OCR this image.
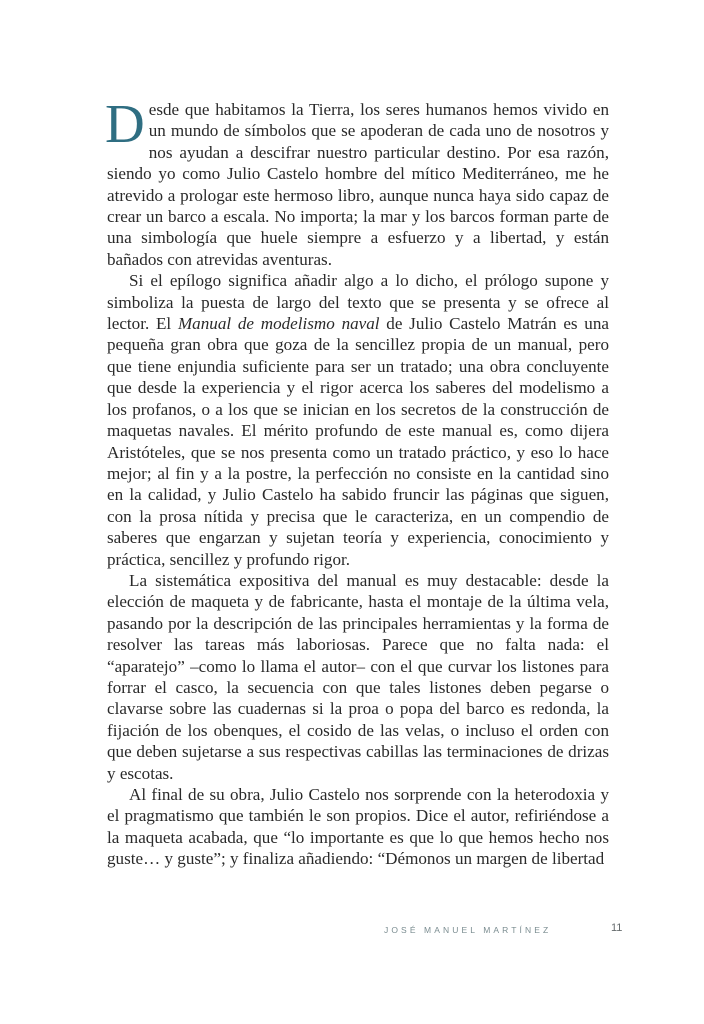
Desde que habitamos la Tierra, los seres humanos hemos vivido en un mundo de símbolos que se apoderan de cada uno de nosotros y nos ayudan a descifrar nuestro particular destino. Por esa razón, siendo yo como Julio Castelo hombre del mítico Mediterráneo, me he atrevido a prologar este hermoso libro, aunque nunca haya sido capaz de crear un barco a escala. No importa; la mar y los barcos forman parte de una simbología que huele siempre a esfuerzo y a libertad, y están bañados con atrevidas aventuras.

Si el epílogo significa añadir algo a lo dicho, el prólogo supone y simboliza la puesta de largo del texto que se presenta y se ofrece al lector. El Manual de modelismo naval de Julio Castelo Matrán es una pequeña gran obra que goza de la sencillez propia de un manual, pero que tiene enjundia suficiente para ser un tratado; una obra concluyente que desde la experiencia y el rigor acerca los saberes del modelismo a los profanos, o a los que se inician en los secretos de la construcción de maquetas navales. El mérito profundo de este manual es, como dijera Aristóteles, que se nos presenta como un tratado práctico, y eso lo hace mejor; al fin y a la postre, la perfección no consiste en la cantidad sino en la calidad, y Julio Castelo ha sabido fruncir las páginas que siguen, con la prosa nítida y precisa que le caracteriza, en un compendio de saberes que engarzan y sujetan teoría y experiencia, conocimiento y práctica, sencillez y profundo rigor.

La sistemática expositiva del manual es muy destacable: desde la elección de maqueta y de fabricante, hasta el montaje de la última vela, pasando por la descripción de las principales herramientas y la forma de resolver las tareas más laboriosas. Parece que no falta nada: el “aparatejo” –como lo llama el autor– con el que curvar los listones para forrar el casco, la secuencia con que tales listones deben pegarse o clavarse sobre las cuadernas si la proa o popa del barco es redonda, la fijación de los obenques, el cosido de las velas, o incluso el orden con que deben sujetarse a sus respectivas cabillas las terminaciones de drizas y escotas.

Al final de su obra, Julio Castelo nos sorprende con la heterodoxia y el pragmatismo que también le son propios. Dice el autor, refiriéndose a la maqueta acabada, que “lo importante es que lo que hemos hecho nos guste… y guste”; y finaliza añadiendo: “Démonos un margen de libertad

JOSÉ MANUEL MARTÍNEZ	11
